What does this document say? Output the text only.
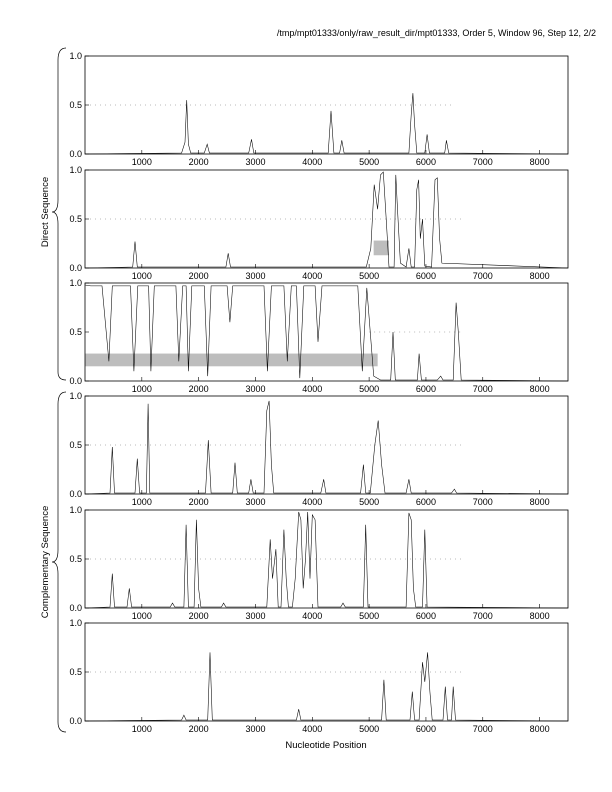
/tmp/mpt01333/only/raw_result_dir/mpt01333, Order 5, Window 96, Step 12, 2/2
Direct Sequence
Complementary Sequence
1000	2000	3000	4000	5000	6000	7000	8000
0.0
0.5
1.0
1000	2000	3000	4000	5000	6000	7000	8000
0.0
0.5
1.0
1000	2000	3000	4000	5000	6000	7000	8000
0.0
0.5
1.0
1000	2000	3000	4000	5000	6000	7000	8000
0.0
0.5
1.0
1000	2000	3000	4000	5000	6000	7000	8000
0.0
0.5
1.0
1000	2000	3000	4000	5000	6000	7000	8000
0.0
0.5
1.0
Nucleotide Position
